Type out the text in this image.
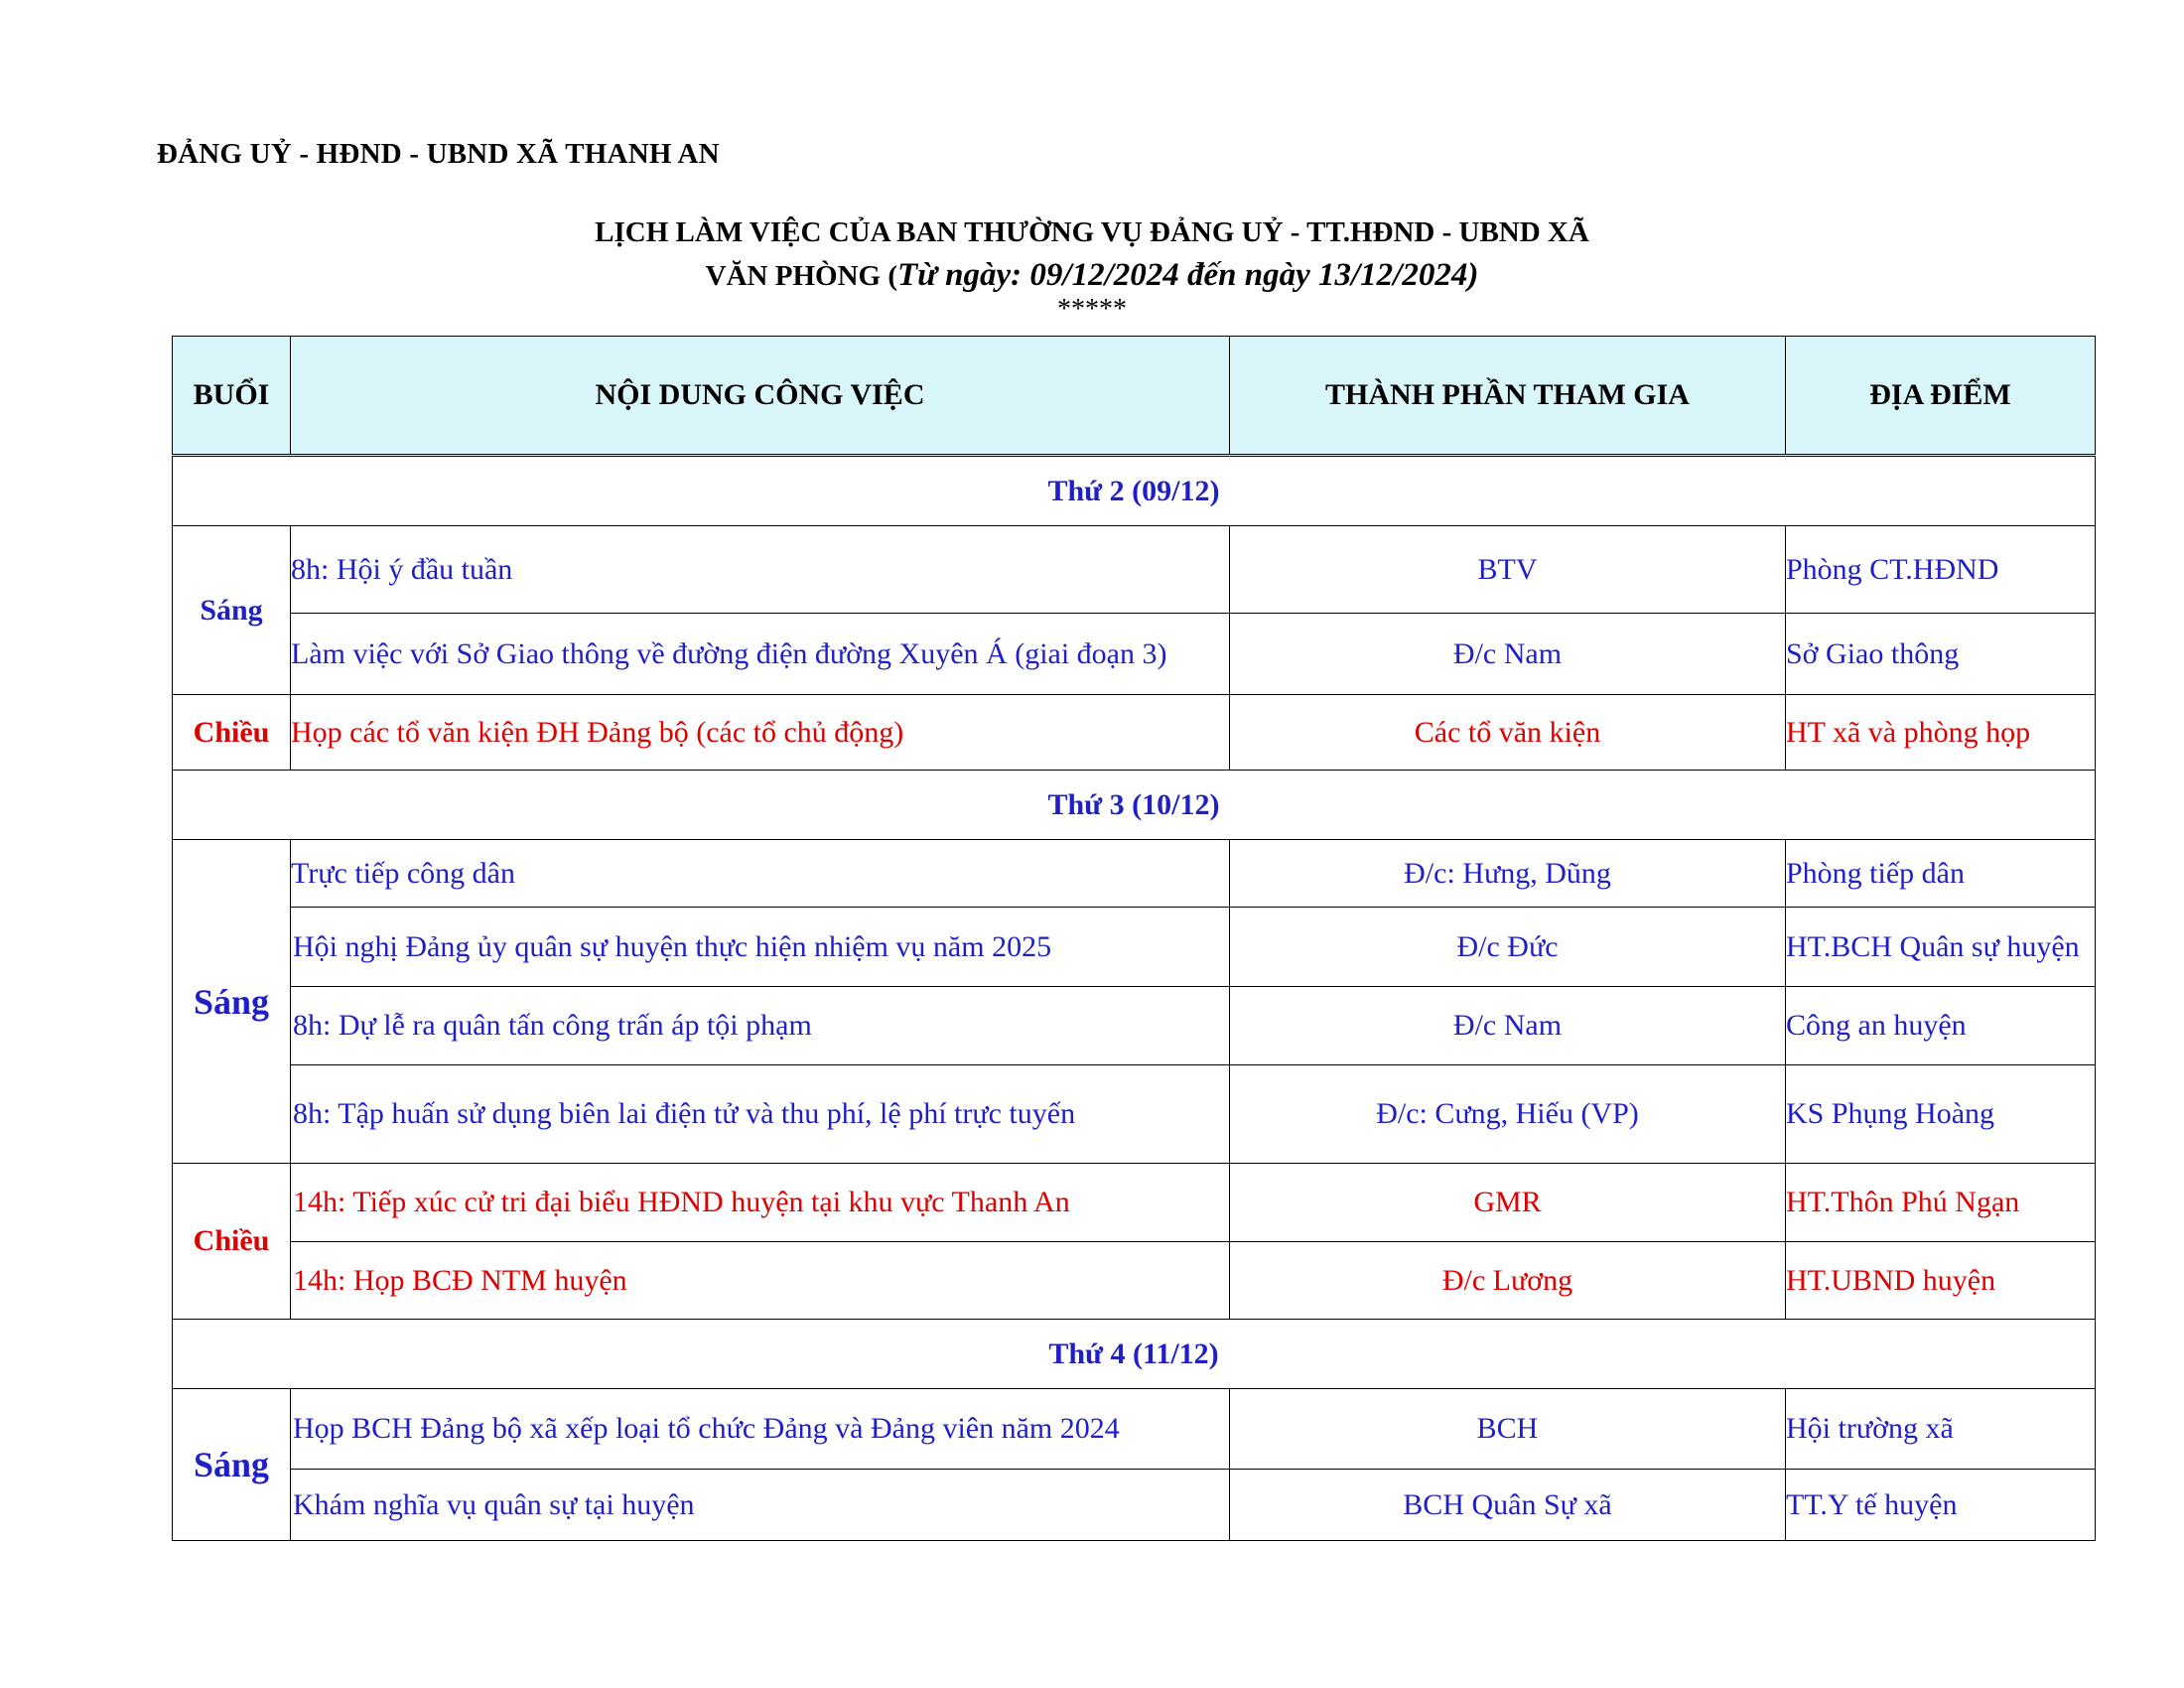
ĐẢNG UỶ - HĐND - UBND XÃ THANH AN
LỊCH LÀM VIỆC CỦA BAN THƯỜNG VỤ ĐẢNG UỶ - TT.HĐND - UBND XÃ
VĂN PHÒNG (Từ ngày: 09/12/2024 đến ngày 13/12/2024)
*****
BUỔI	NỘI DUNG CÔNG VIỆC	THÀNH PHẦN THAM GIA	ĐỊA ĐIỂM
Thứ 2 (09/12)			
Sáng	8h: Hội ý đầu tuần	BTV	Phòng CT.HĐND
	Làm việc với Sở Giao thông về đường điện đường Xuyên Á (giai đoạn 3)	Đ/c Nam	Sở Giao thông
Chiều	Họp các tổ văn kiện ĐH Đảng bộ (các tổ chủ động)	Các tổ văn kiện	HT xã và phòng họp
Thứ 3 (10/12)			
Sáng	Trực tiếp công dân	Đ/c: Hưng, Dũng	Phòng tiếp dân
	Hội nghị Đảng ủy quân sự huyện thực hiện nhiệm vụ năm 2025	Đ/c Đức	HT.BCH Quân sự huyện
	8h: Dự lễ ra quân tấn công trấn áp tội phạm	Đ/c Nam	Công an huyện
	8h: Tập huấn sử dụng biên lai điện tử và thu phí, lệ phí trực tuyến	Đ/c: Cưng, Hiếu (VP)	KS Phụng Hoàng
Chiều	14h: Tiếp xúc cử tri đại biểu HĐND huyện tại khu vực Thanh An	GMR	HT.Thôn Phú Ngạn
	14h: Họp BCĐ NTM huyện	Đ/c Lương	HT.UBND huyện
Thứ 4 (11/12)			
Sáng	Họp BCH Đảng bộ xã xếp loại tổ chức Đảng và Đảng viên năm 2024	BCH	Hội trường xã
	Khám nghĩa vụ quân sự tại huyện	BCH Quân Sự xã	TT.Y tế huyện
